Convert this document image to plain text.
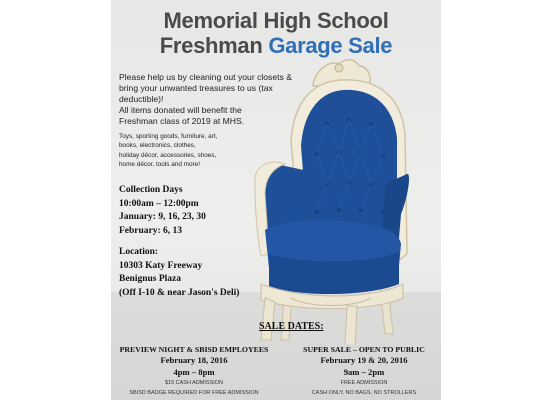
Memorial High School
Freshman Garage Sale
Please help us by cleaning out your closets &
bring your unwanted treasures to us (tax deductible)!
All items donated will benefit the
Freshman class of 2019 at MHS.
Toys, sporting goods, furniture, art,
books, electronics, clothes,
holiday décor, accessories, shoes,
home décor, tools and more!
Collection Days
10:00am – 12:00pm
January: 9, 16, 23, 30
February: 6, 13
Location:
10303 Katy Freeway
Benignus Plaza
(Off I-10 & near Jason's Deli)
SALE DATES:
PREVIEW NIGHT & SBISD EMPLOYEES
February 18, 2016
4pm – 8pm
$15 CASH ADMISSION
SBISD BADGE REQUIRED FOR FREE ADMISSION
SUPER SALE – OPEN TO PUBLIC
February 19 & 20, 2016
9am – 2pm
FREE ADMISSION
CASH ONLY, NO BAGS, NO STROLLERS
